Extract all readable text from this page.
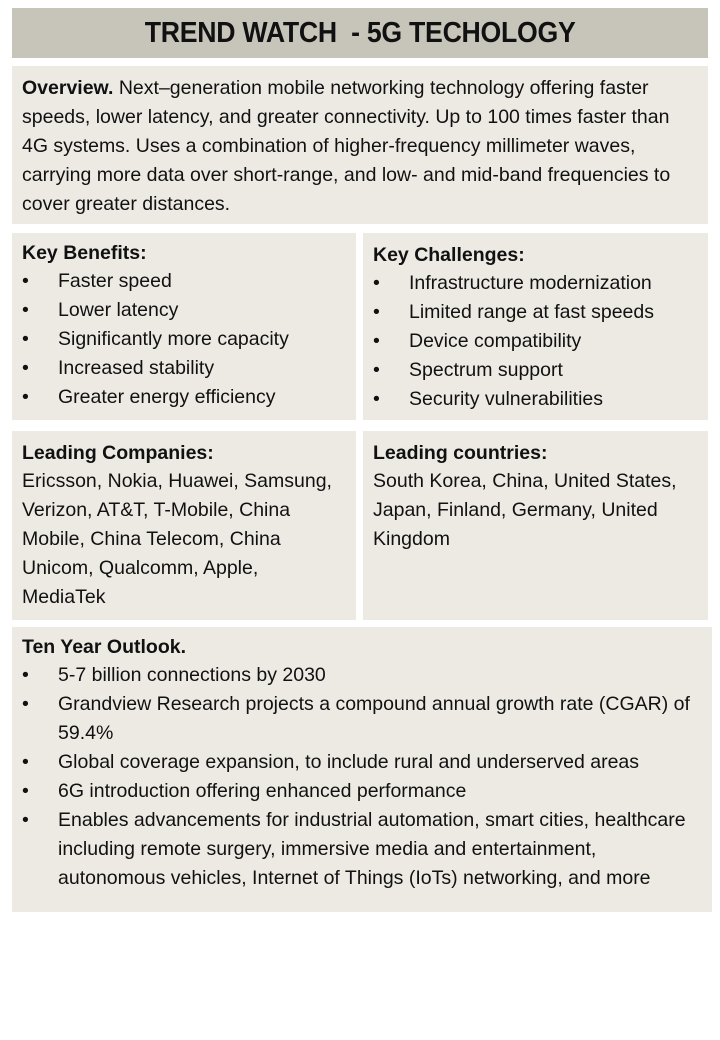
TREND WATCH  - 5G TECHOLOGY
Overview. Next–generation mobile networking technology offering faster speeds, lower latency, and greater connectivity. Up to 100 times faster than 4G systems. Uses a combination of higher-frequency millimeter waves, carrying more data over short-range, and low- and mid-band frequencies to cover greater distances.
Key Benefits:
•	Faster speed
•	Lower latency
•	Significantly more capacity
•	Increased stability
•	Greater energy efficiency
Key Challenges:
•	Infrastructure modernization
•	Limited range at fast speeds
•	Device compatibility
•	Spectrum support
•	Security vulnerabilities
Leading Companies:
Ericsson, Nokia, Huawei, Samsung, Verizon, AT&T, T-Mobile, China Mobile, China Telecom, China Unicom, Qualcomm, Apple, MediaTek
Leading countries:
South Korea, China, United States, Japan, Finland, Germany, United Kingdom
Ten Year Outlook.
•	5-7 billion connections by 2030
•	Grandview Research projects a compound annual growth rate (CGAR) of 59.4%
•	Global coverage expansion, to include rural and underserved areas
•	6G introduction offering enhanced performance
•	Enables advancements for industrial automation, smart cities, healthcare including remote surgery, immersive media and entertainment, autonomous vehicles, Internet of Things (IoTs) networking, and more
